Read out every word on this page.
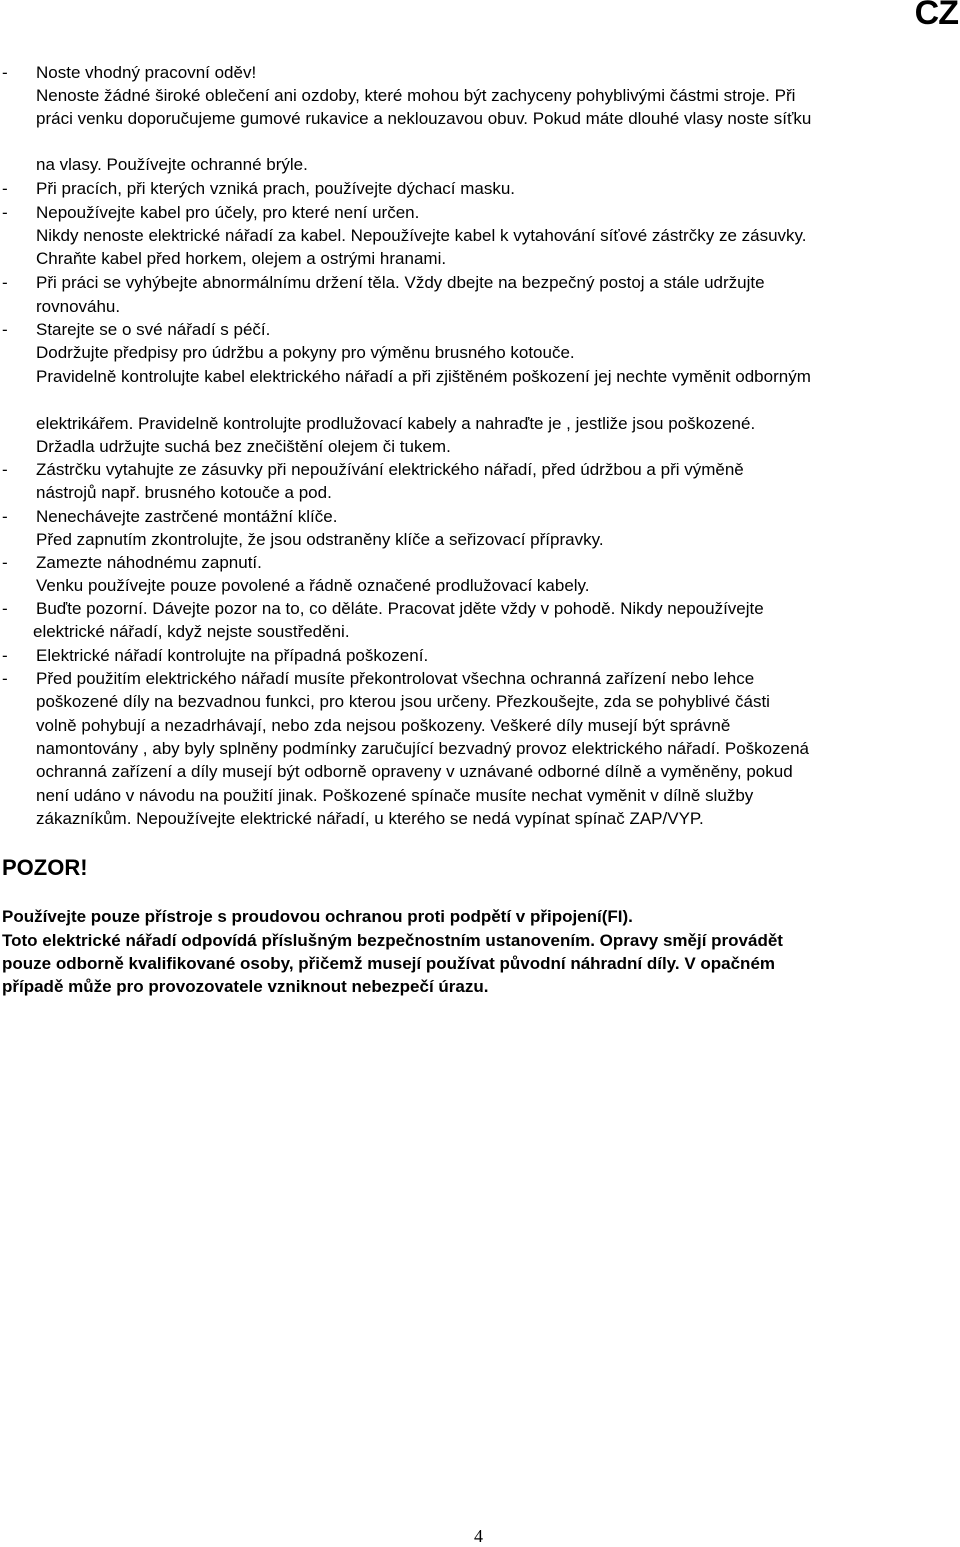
CZ
- Noste vhodný pracovní oděv!
Nenoste žádné široké oblečení ani ozdoby, které mohou být zachyceny pohyblivými částmi stroje. Při
práci venku doporučujeme gumové rukavice a neklouzavou obuv. Pokud máte dlouhé vlasy noste síťku
na vlasy. Používejte ochranné brýle.
- Při pracích, při kterých vzniká prach, používejte dýchací masku.
- Nepoužívejte kabel pro účely, pro které není určen.
Nikdy nenoste elektrické nářadí za kabel. Nepoužívejte kabel k vytahování síťové zástrčky ze zásuvky.
Chraňte kabel před horkem, olejem a ostrými hranami.
- Při práci se vyhýbejte abnormálnímu držení těla. Vždy dbejte na bezpečný postoj a stále udržujte
rovnováhu.
- Starejte se o své nářadí s péčí.
Dodržujte předpisy pro údržbu a pokyny pro výměnu brusného kotouče.
Pravidelně kontrolujte kabel elektrického nářadí a při zjištěném poškození jej nechte vyměnit odborným
elektrikářem. Pravidelně kontrolujte prodlužovací kabely a nahraďte je , jestliže jsou poškozené.
Držadla udržujte suchá bez znečištění olejem či tukem.
- Zástrčku vytahujte ze zásuvky při nepoužívání elektrického nářadí, před údržbou a při výměně
nástrojů např. brusného kotouče a pod.
- Nenechávejte zastrčené montážní klíče.
Před zapnutím zkontrolujte, že jsou odstraněny klíče a seřizovací přípravky.
- Zamezte náhodnému zapnutí.
Venku používejte pouze povolené a řádně označené prodlužovací kabely.
- Buďte pozorní. Dávejte pozor na to, co děláte. Pracovat jděte vždy v pohodě. Nikdy nepoužívejte
elektrické nářadí, když nejste soustředěni.
- Elektrické nářadí kontrolujte na případná poškození.
- Před použitím elektrického nářadí musíte překontrolovat všechna ochranná zařízení nebo lehce
poškozené díly na bezvadnou funkci, pro kterou jsou určeny. Přezkoušejte, zda se pohyblivé části
volně pohybují a nezadrhávají, nebo zda nejsou poškozeny. Veškeré díly musejí být správně
namontovány , aby byly splněny podmínky zaručující bezvadný provoz elektrického nářadí. Poškozená
ochranná zařízení a díly musejí být odborně opraveny v uznávané odborné dílně a vyměněny, pokud
není udáno v návodu na použití jinak. Poškozené spínače musíte nechat vyměnit v dílně služby
zákazníkům. Nepoužívejte elektrické nářadí, u kterého se nedá vypínat spínač ZAP/VYP.
POZOR!
Používejte pouze přístroje s proudovou ochranou proti podpětí v připojení(FI).
Toto elektrické nářadí odpovídá příslušným bezpečnostním ustanovením. Opravy smějí provádět
pouze odborně kvalifikované osoby, přičemž musejí používat původní náhradní díly. V opačném
případě může pro provozovatele vzniknout nebezpečí úrazu.
4
